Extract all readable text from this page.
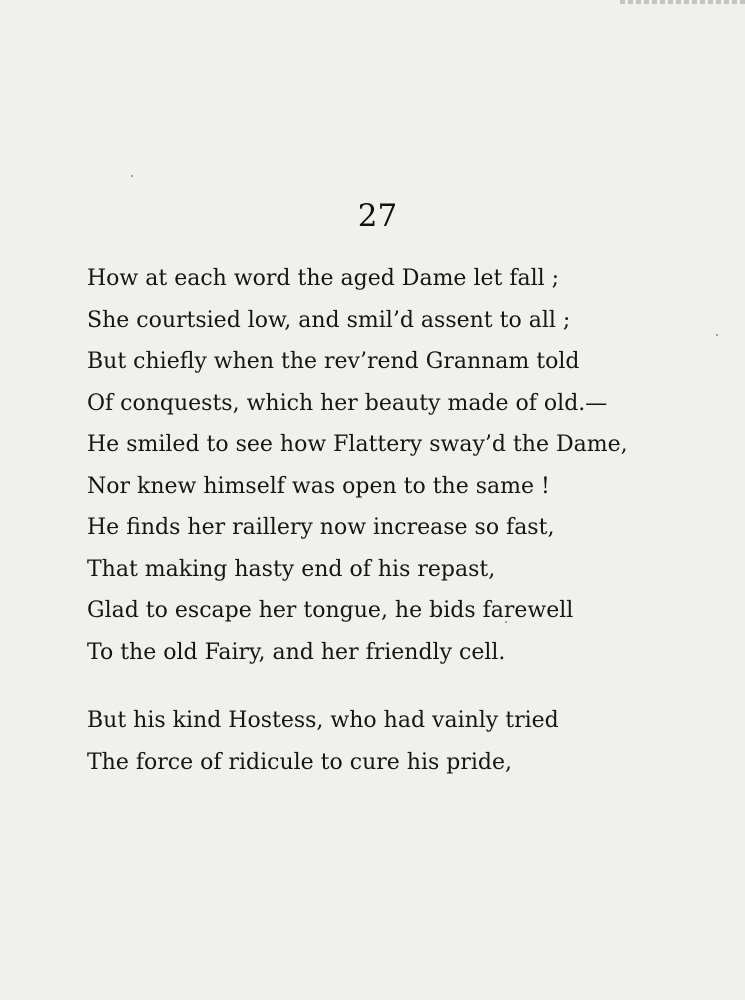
27
How at each word the aged Dame let fall ;
She courtsied low, and smil’d assent to all ;
But chiefly when the rev’rend Grannam told
Of conquests, which her beauty made of old.—
He smiled to see how Flattery sway’d the Dame,
Nor knew himself was open to the same !
He finds her raillery now increase so fast,
That making hasty end of his repast,
Glad to escape her tongue, he bids farewell
To the old Fairy, and her friendly cell.
But his kind Hostess, who had vainly tried
The force of ridicule to cure his pride,
